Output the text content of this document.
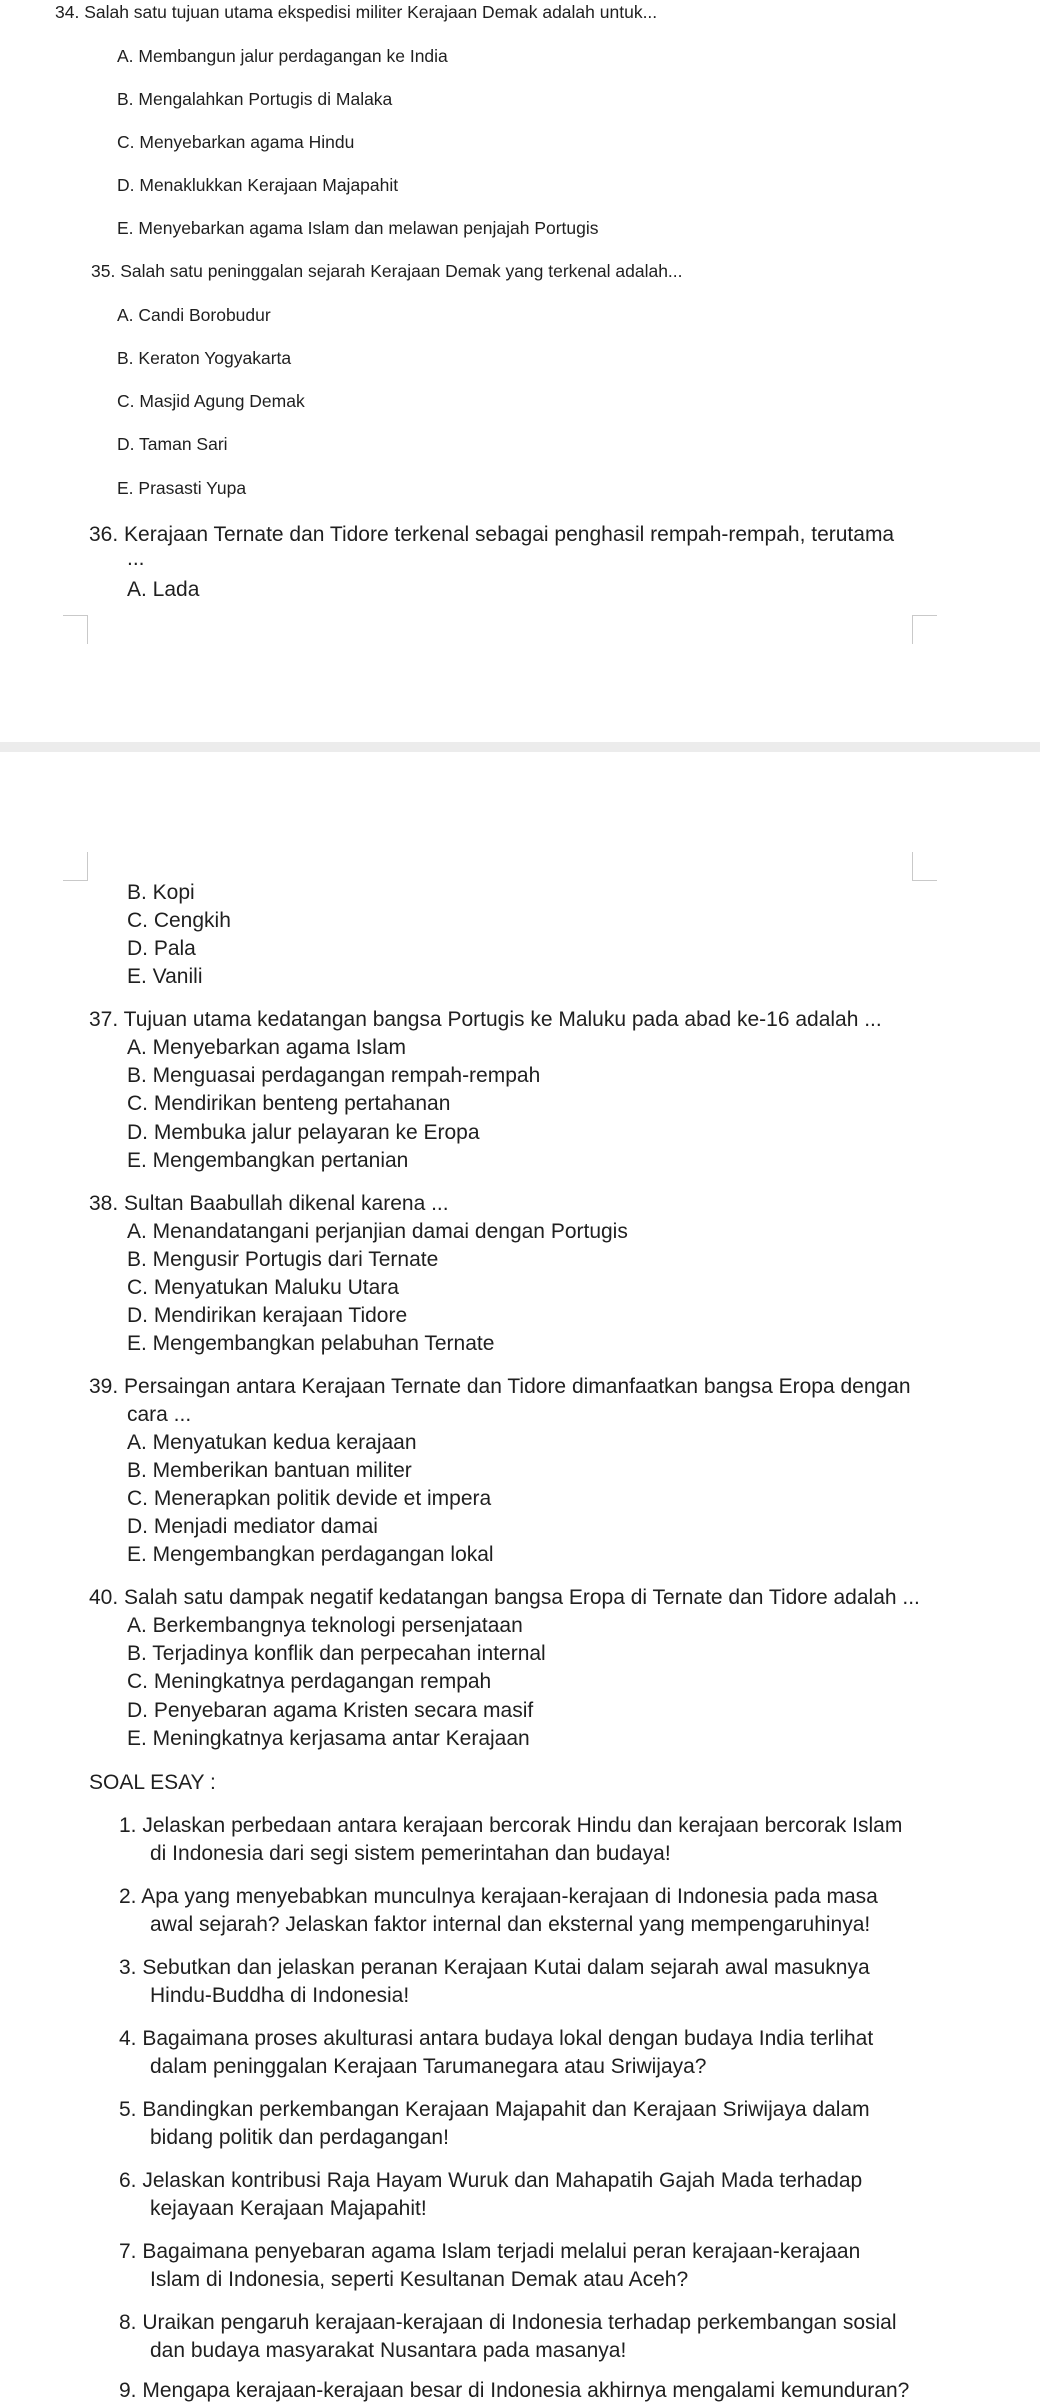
34. Salah satu tujuan utama ekspedisi militer Kerajaan Demak adalah untuk...
A. Membangun jalur perdagangan ke India
B. Mengalahkan Portugis di Malaka
C. Menyebarkan agama Hindu
D. Menaklukkan Kerajaan Majapahit
E. Menyebarkan agama Islam dan melawan penjajah Portugis
35. Salah satu peninggalan sejarah Kerajaan Demak yang terkenal adalah...
A. Candi Borobudur
B. Keraton Yogyakarta
C. Masjid Agung Demak
D. Taman Sari
E. Prasasti Yupa
36. Kerajaan Ternate dan Tidore terkenal sebagai penghasil rempah-rempah, terutama
...
A. Lada
B. Kopi
C. Cengkih
D. Pala
E. Vanili
37. Tujuan utama kedatangan bangsa Portugis ke Maluku pada abad ke-16 adalah ...
A. Menyebarkan agama Islam
B. Menguasai perdagangan rempah-rempah
C. Mendirikan benteng pertahanan
D. Membuka jalur pelayaran ke Eropa
E. Mengembangkan pertanian
38. Sultan Baabullah dikenal karena ...
A. Menandatangani perjanjian damai dengan Portugis
B. Mengusir Portugis dari Ternate
C. Menyatukan Maluku Utara
D. Mendirikan kerajaan Tidore
E. Mengembangkan pelabuhan Ternate
39. Persaingan antara Kerajaan Ternate dan Tidore dimanfaatkan bangsa Eropa dengan
cara ...
A. Menyatukan kedua kerajaan
B. Memberikan bantuan militer
C. Menerapkan politik devide et impera
D. Menjadi mediator damai
E. Mengembangkan perdagangan lokal
40. Salah satu dampak negatif kedatangan bangsa Eropa di Ternate dan Tidore adalah ...
A. Berkembangnya teknologi persenjataan
B. Terjadinya konflik dan perpecahan internal
C. Meningkatnya perdagangan rempah
D. Penyebaran agama Kristen secara masif
E. Meningkatnya kerjasama antar Kerajaan
SOAL ESAY :
1. Jelaskan perbedaan antara kerajaan bercorak Hindu dan kerajaan bercorak Islam
di Indonesia dari segi sistem pemerintahan dan budaya!
2. Apa yang menyebabkan munculnya kerajaan-kerajaan di Indonesia pada masa
awal sejarah? Jelaskan faktor internal dan eksternal yang mempengaruhinya!
3. Sebutkan dan jelaskan peranan Kerajaan Kutai dalam sejarah awal masuknya
Hindu-Buddha di Indonesia!
4. Bagaimana proses akulturasi antara budaya lokal dengan budaya India terlihat
dalam peninggalan Kerajaan Tarumanegara atau Sriwijaya?
5. Bandingkan perkembangan Kerajaan Majapahit dan Kerajaan Sriwijaya dalam
bidang politik dan perdagangan!
6. Jelaskan kontribusi Raja Hayam Wuruk dan Mahapatih Gajah Mada terhadap
kejayaan Kerajaan Majapahit!
7. Bagaimana penyebaran agama Islam terjadi melalui peran kerajaan-kerajaan
Islam di Indonesia, seperti Kesultanan Demak atau Aceh?
8. Uraikan pengaruh kerajaan-kerajaan di Indonesia terhadap perkembangan sosial
dan budaya masyarakat Nusantara pada masanya!
9. Mengapa kerajaan-kerajaan besar di Indonesia akhirnya mengalami kemunduran?
